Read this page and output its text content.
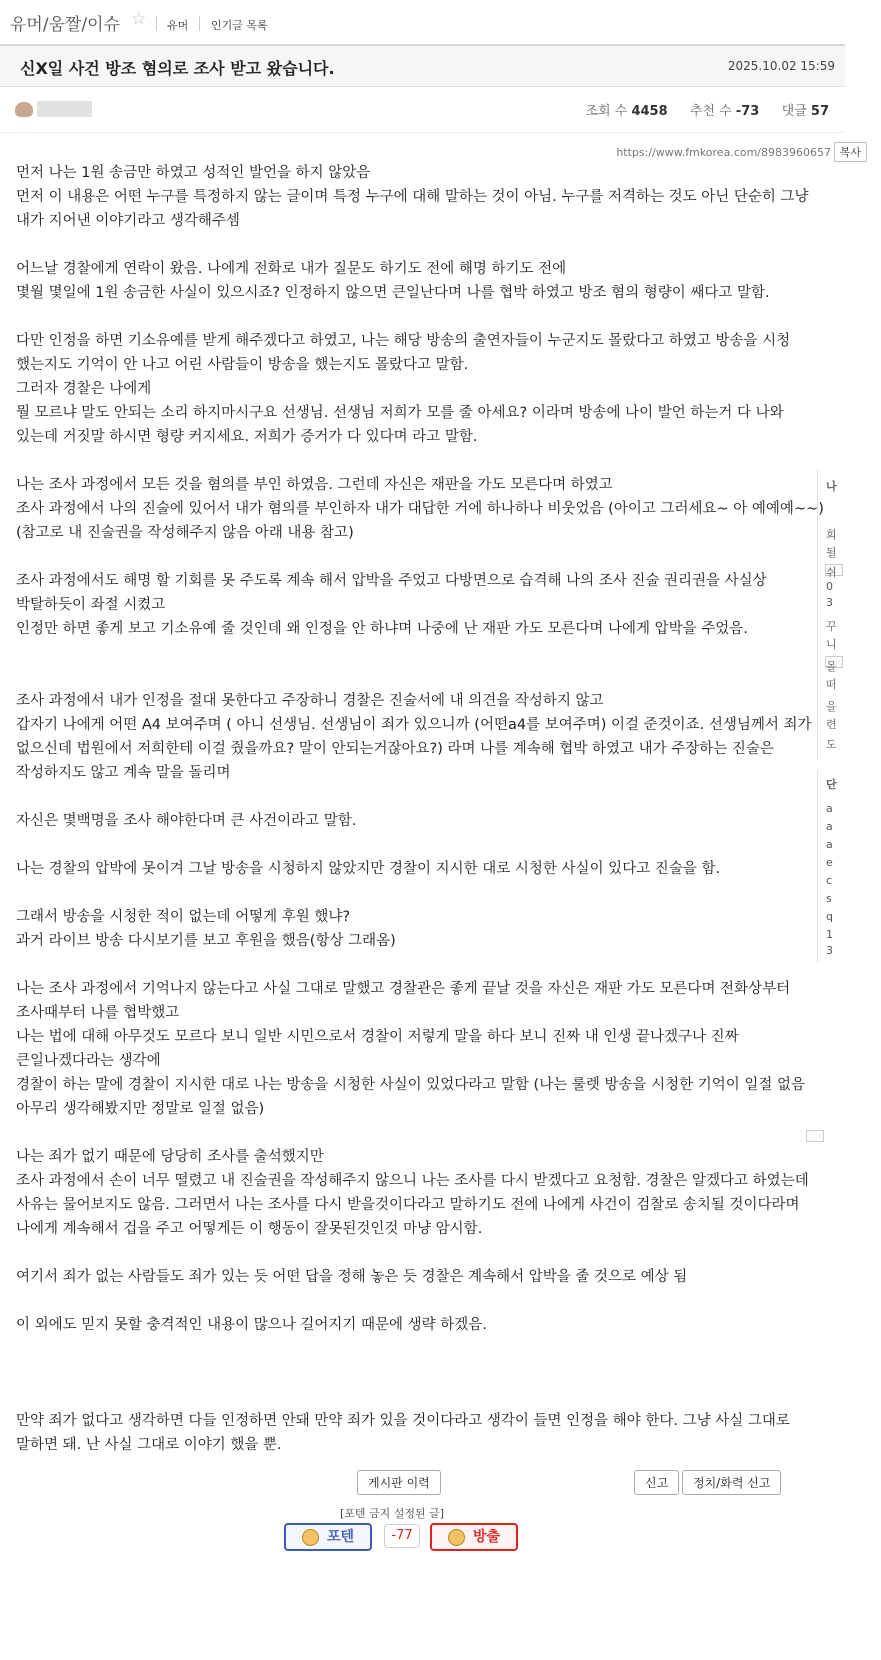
유머/움짤/이슈 ☆ 유머 인기글 목록
신X일 사건 방조 혐의로 조사 받고 왔습니다.	2025.10.02 15:59
조회 수 4458 추천 수 -73 댓글 57
https://www.fmkorea.com/8983960657 복사

먼저 나는 1원 송금만 하였고 성적인 발언을 하지 않았음
먼저 이 내용은 어떤 누구를 특정하지 않는 글이며 특정 누구에 대해 말하는 것이 아님. 누구를 저격하는 것도 아닌 단순히 그냥 내가 지어낸 이야기라고 생각해주셈

어느날 경찰에게 연락이 왔음. 나에게 전화로 내가 질문도 하기도 전에 해명 하기도 전에
몇월 몇일에 1원 송금한 사실이 있으시죠? 인정하지 않으면 큰일난다며 나를 협박 하였고 방조 혐의 형량이 쌔다고 말함.

다만 인정을 하면 기소유예를 받게 해주겠다고 하였고, 나는 해당 방송의 출연자들이 누군지도 몰랐다고 하였고 방송을 시청 했는지도 기억이 안 나고 어린 사람들이 방송을 했는지도 몰랐다고 말함.
그러자 경찰은 나에게
뭘 모르냐 말도 안되는 소리 하지마시구요 선생님. 선생님 저희가 모를 줄 아세요? 이라며 방송에 나이 발언 하는거 다 나와 있는데 거짓말 하시면 형량 커지세요. 저희가 증거가 다 있다며 라고 말함.

나는 조사 과정에서 모든 것을 혐의를 부인 하였음. 그런데 자신은 재판을 가도 모른다며 하였고
조사 과정에서 나의 진술에 있어서 내가 혐의를 부인하자 내가 대답한 거에 하나하나 비웃었음 (아이고 그러세요~ 아 예예예~~) (참고로 내 진술권을 작성해주지 않음 아래 내용 참고)

조사 과정에서도 해명 할 기회를 못 주도록 계속 해서 압박을 주었고 다방면으로 습격해 나의 조사 진술 권리권을 사실상 박탈하듯이 좌절 시켰고
인정만 하면 좋게 보고 기소유예 줄 것인데 왜 인정을 안 하냐며 나중에 난 재판 가도 모른다며 나에게 압박을 주었음.

조사 과정에서 내가 인정을 절대 못한다고 주장하니 경찰은 진술서에 내 의견을 작성하지 않고
갑자기 나에게 어떤 A4 보여주며 ( 아니 선생님. 선생님이 죄가 있으니까 (어떤a4를 보여주며) 이걸 준것이죠. 선생님께서 죄가 없으신데 법원에서 저희한테 이걸 줬을까요? 말이 안되는거잖아요?) 라며 나를 계속해 협박 하였고 내가 주장하는 진술은 작성하지도 않고 계속 말을 돌리며

자신은 몇백명을 조사 해야한다며 큰 사건이라고 말함.

나는 경찰의 압박에 못이겨 그날 방송을 시청하지 않았지만 경찰이 지시한 대로 시청한 사실이 있다고 진술을 함.

그래서 방송을 시청한 적이 없는데 어떻게 후원 했냐?
과거 라이브 방송 다시보기를 보고 후원을 했음(항상 그래옴)

나는 조사 과정에서 기억나지 않는다고 사실 그대로 말했고 경찰관은 좋게 끝날 것을 자신은 재판 가도 모른다며 전화상부터 조사때부터 나를 협박했고
나는 법에 대해 아무것도 모르다 보니 일반 시민으로서 경찰이 저렇게 말을 하다 보니 진짜 내 인생 끝나겠구나 진짜 큰일나겠다라는 생각에
경찰이 하는 말에 경찰이 지시한 대로 나는 방송을 시청한 사실이 있었다라고 말함 (나는 룰렛 방송을 시청한 기억이 일절 없음 아무리 생각해봤지만 정말로 일절 없음)

나는 죄가 없기 때문에 당당히 조사를 출석했지만
조사 과정에서 손이 너무 떨렸고 내 진술권을 작성해주지 않으니 나는 조사를 다시 받겠다고 요청함. 경찰은 알겠다고 하였는데 사유는 물어보지도 않음. 그러면서 나는 조사를 다시 받을것이다라고 말하기도 전에 나에게 사건이 검찰로 송치될 것이다라며 나에게 계속해서 겁을 주고 어떻게든 이 행동이 잘못된것인것 마냥 암시함.

여기서 죄가 없는 사람들도 죄가 있는 듯 어떤 답을 정해 놓은 듯 경찰은 계속해서 압박을 줄 것으로 예상 됨

이 외에도 믿지 못할 충격적인 내용이 많으나 길어지기 때문에 생략 하겠음.

만약 죄가 없다고 생각하면 다들 인정하면 안돼 만약 죄가 있을 것이다라고 생각이 들면 인정을 해야 한다. 그냥 사실 그대로 말하면 돼. 난 사실 그대로 이야기 했을 뿐.

게시판 이력	신고	정치/화력 신고
[포텐 금지 설정된 글]
포텐	-77	방출
나
회
될
쉬
0
3
꾸
니
몰
떠
을
련
도
단
a
a
a
e
c
s
q
1
3
